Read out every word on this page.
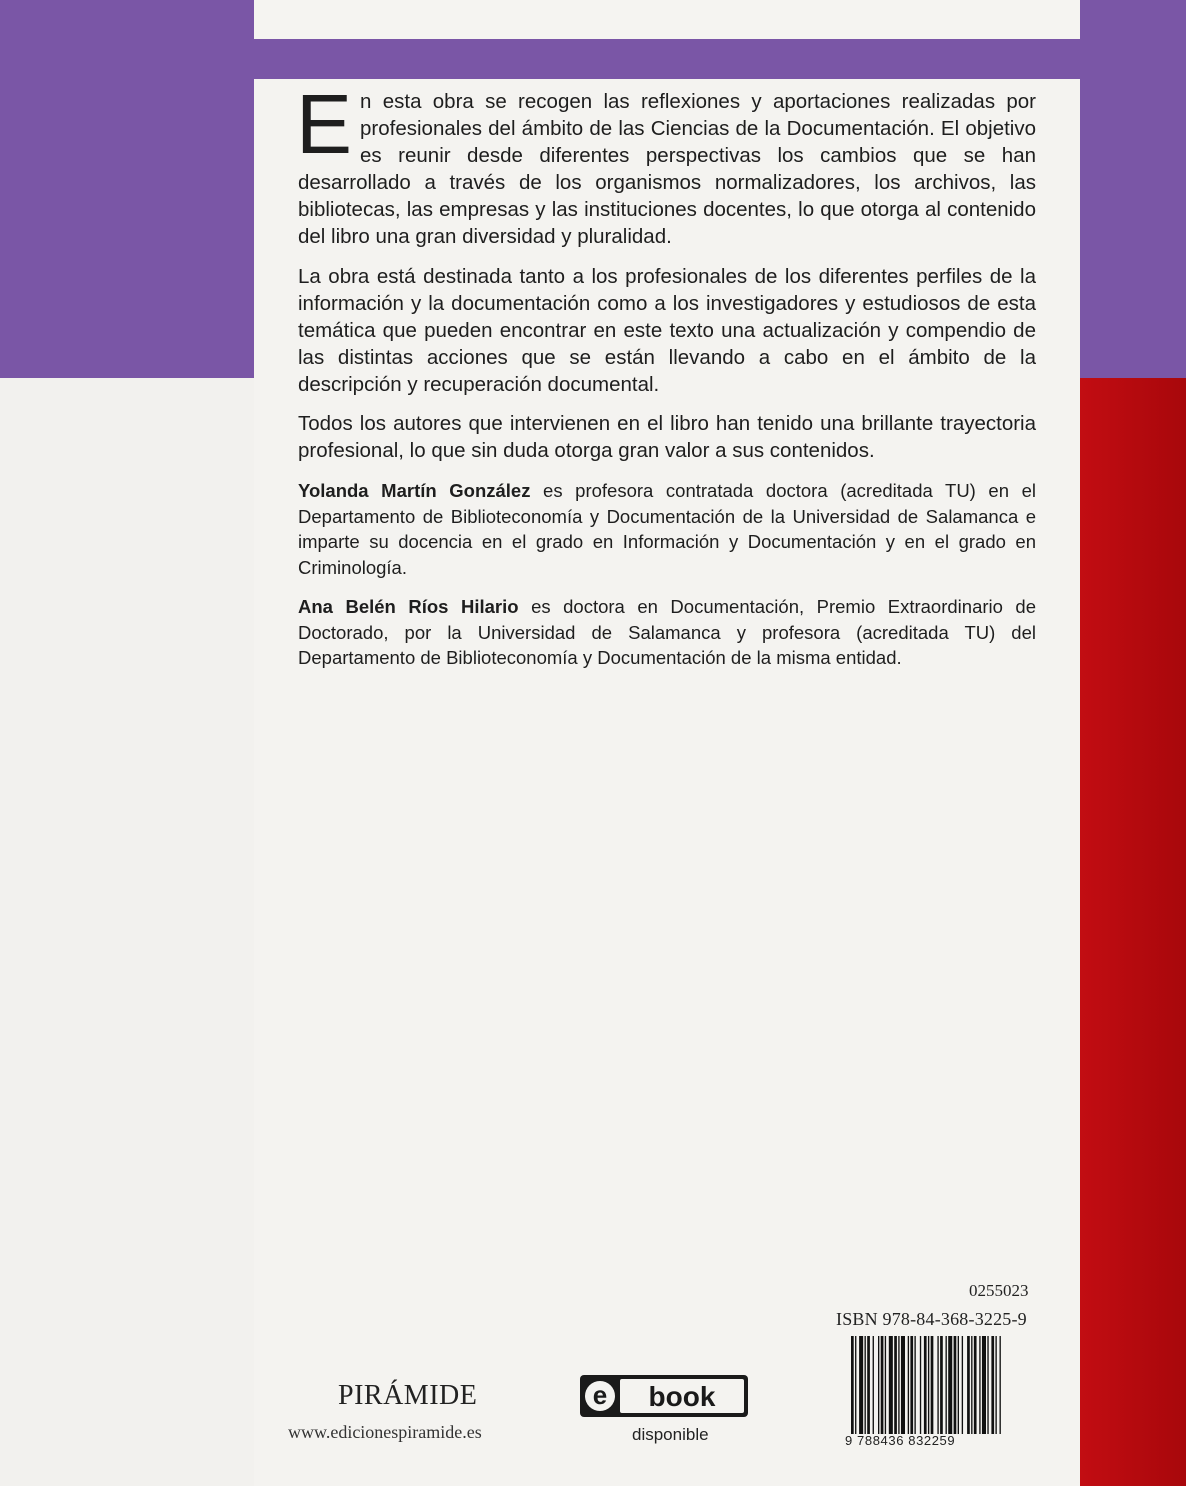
En esta obra se recogen las reflexiones y aportaciones realizadas por profesionales del ámbito de las Ciencias de la Documentación. El objetivo es reunir desde diferentes perspectivas los cambios que se han desarrollado a través de los organismos normalizadores, los archivos, las bibliotecas, las empresas y las instituciones docentes, lo que otorga al contenido del libro una gran diversidad y pluralidad.

La obra está destinada tanto a los profesionales de los diferentes perfiles de la información y la documentación como a los investigadores y estudiosos de esta temática que pueden encontrar en este texto una actualización y compendio de las distintas acciones que se están llevando a cabo en el ámbito de la descripción y recuperación documental.

Todos los autores que intervienen en el libro han tenido una brillante trayectoria profesional, lo que sin duda otorga gran valor a sus contenidos.

Yolanda Martín González es profesora contratada doctora (acreditada TU) en el Departamento de Biblioteconomía y Documentación de la Universidad de Salamanca e imparte su docencia en el grado en Información y Documentación y en el grado en Criminología.

Ana Belén Ríos Hilario es doctora en Documentación, Premio Extraordinario de Doctorado, por la Universidad de Salamanca y profesora (acreditada TU) del Departamento de Biblioteconomía y Documentación de la misma entidad.

0255023
ISBN 978-84-368-3225-9
9 788436 832259
PIRÁMIDE
www.edicionespiramide.es
e book
disponible
